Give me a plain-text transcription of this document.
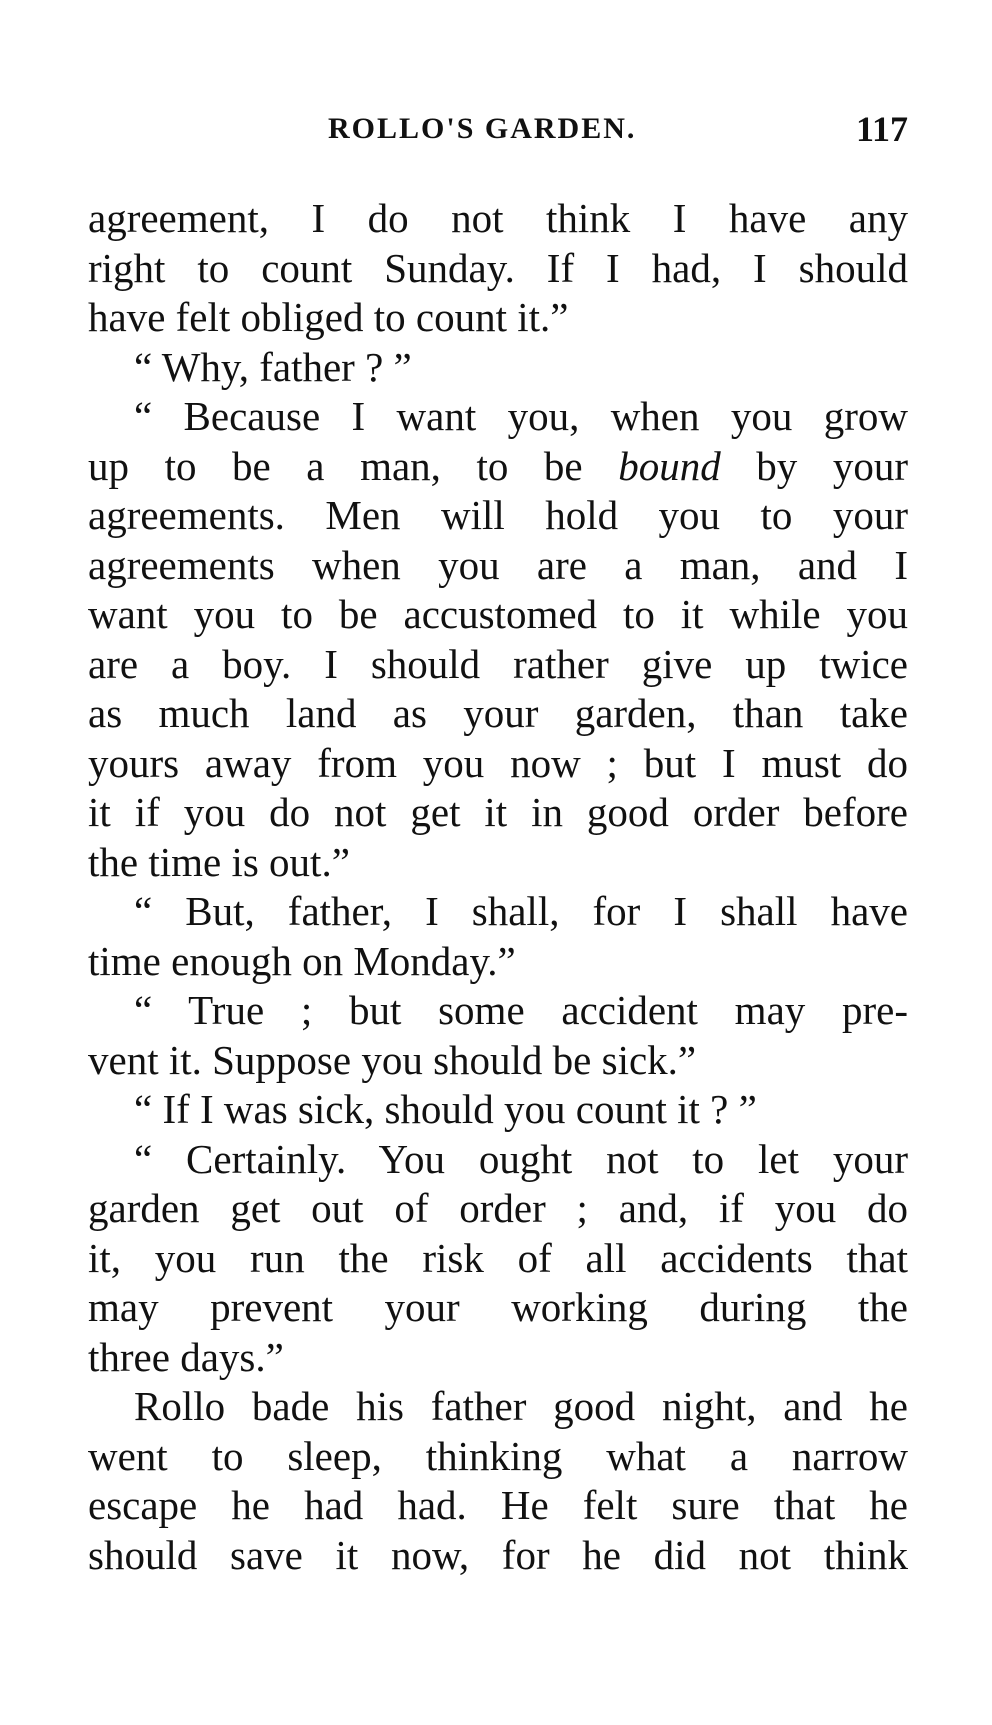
ROLLO'S GARDEN.	117
agreement, I do not think I have any
right to count Sunday. If I had, I should
have felt obliged to count it.”
“ Why, father ? ”
“ Because I want you, when you grow
up to be a man, to be bound by your
agreements. Men will hold you to your
agreements when you are a man, and I
want you to be accustomed to it while you
are a boy. I should rather give up twice
as much land as your garden, than take
yours away from you now ; but I must do
it if you do not get it in good order before
the time is out.”
“ But, father, I shall, for I shall have
time enough on Monday.”
“ True ; but some accident may pre-
vent it. Suppose you should be sick.”
“ If I was sick, should you count it ? ”
“ Certainly. You ought not to let your
garden get out of order ; and, if you do
it, you run the risk of all accidents that
may prevent your working during the
three days.”
Rollo bade his father good night, and he
went to sleep, thinking what a narrow
escape he had had. He felt sure that he
should save it now, for he did not think
